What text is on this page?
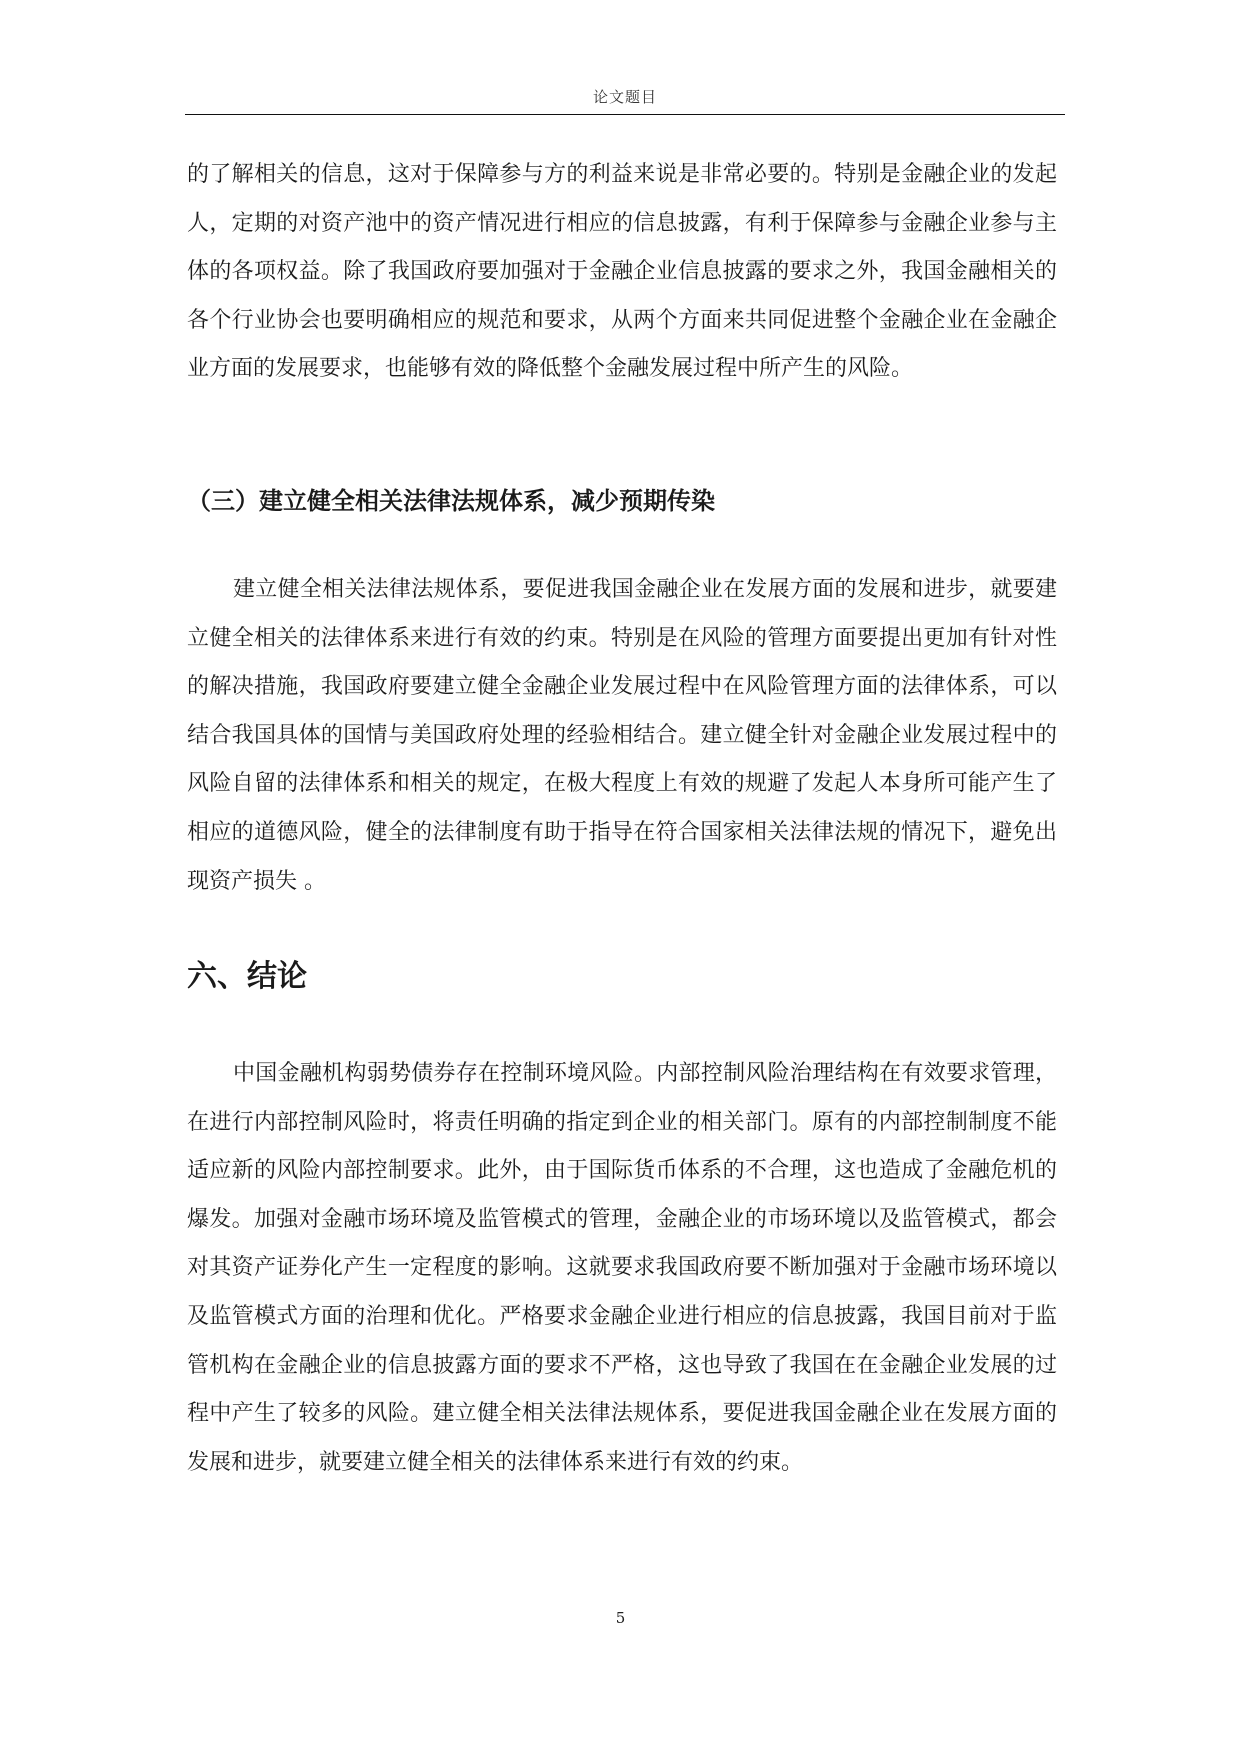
论文题目

的了解相关的信息，这对于保障参与方的利益来说是非常必要的。特别是金融企业的发起人，定期的对资产池中的资产情况进行相应的信息披露，有利于保障参与金融企业参与主体的各项权益。除了我国政府要加强对于金融企业信息披露的要求之外，我国金融相关的各个行业协会也要明确相应的规范和要求，从两个方面来共同促进整个金融企业在金融企业方面的发展要求，也能够有效的降低整个金融发展过程中所产生的风险。

（三）建立健全相关法律法规体系，减少预期传染

建立健全相关法律法规体系，要促进我国金融企业在发展方面的发展和进步，就要建立健全相关的法律体系来进行有效的约束。特别是在风险的管理方面要提出更加有针对性的解决措施，我国政府要建立健全金融企业发展过程中在风险管理方面的法律体系，可以结合我国具体的国情与美国政府处理的经验相结合。建立健全针对金融企业发展过程中的风险自留的法律体系和相关的规定，在极大程度上有效的规避了发起人本身所可能产生了相应的道德风险，健全的法律制度有助于指导在符合国家相关法律法规的情况下，避免出现资产损失 。

六、结论

中国金融机构弱势债券存在控制环境风险。内部控制风险治理结构在有效要求管理，在进行内部控制风险时，将责任明确的指定到企业的相关部门。原有的内部控制制度不能适应新的风险内部控制要求。此外，由于国际货币体系的不合理，这也造成了金融危机的爆发。加强对金融市场环境及监管模式的管理，金融企业的市场环境以及监管模式，都会对其资产证券化产生一定程度的影响。这就要求我国政府要不断加强对于金融市场环境以及监管模式方面的治理和优化。严格要求金融企业进行相应的信息披露，我国目前对于监管机构在金融企业的信息披露方面的要求不严格，这也导致了我国在在金融企业发展的过程中产生了较多的风险。建立健全相关法律法规体系，要促进我国金融企业在发展方面的发展和进步，就要建立健全相关的法律体系来进行有效的约束。

5
